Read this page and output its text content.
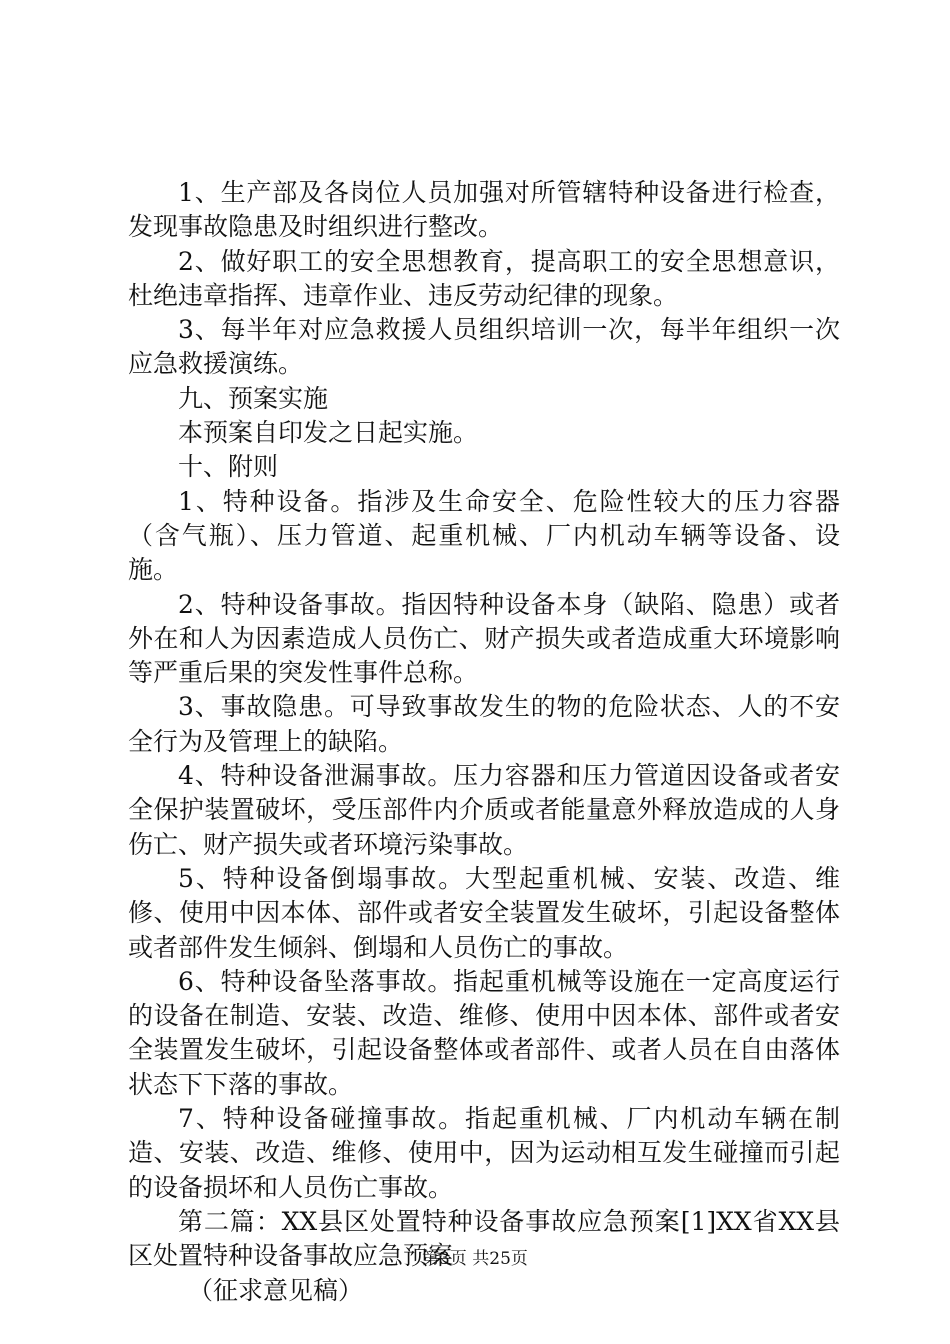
1、生产部及各岗位人员加强对所管辖特种设备进行检查，发现事故隐患及时组织进行整改。

2、做好职工的安全思想教育，提高职工的安全思想意识，杜绝违章指挥、违章作业、违反劳动纪律的现象。

3、每半年对应急救援人员组织培训一次，每半年组织一次应急救援演练。

九、预案实施

本预案自印发之日起实施。

十、附则

1、特种设备。指涉及生命安全、危险性较大的压力容器（含气瓶）、压力管道、起重机械、厂内机动车辆等设备、设施。

2、特种设备事故。指因特种设备本身（缺陷、隐患）或者外在和人为因素造成人员伤亡、财产损失或者造成重大环境影响等严重后果的突发性事件总称。

3、事故隐患。可导致事故发生的物的危险状态、人的不安全行为及管理上的缺陷。

4、特种设备泄漏事故。压力容器和压力管道因设备或者安全保护装置破坏，受压部件内介质或者能量意外释放造成的人身伤亡、财产损失或者环境污染事故。

5、特种设备倒塌事故。大型起重机械、安装、改造、维修、使用中因本体、部件或者安全装置发生破坏，引起设备整体或者部件发生倾斜、倒塌和人员伤亡的事故。

6、特种设备坠落事故。指起重机械等设施在一定高度运行的设备在制造、安装、改造、维修、使用中因本体、部件或者安全装置发生破坏，引起设备整体或者部件、或者人员在自由落体状态下下落的事故。

7、特种设备碰撞事故。指起重机械、厂内机动车辆在制造、安装、改造、维修、使用中，因为运动相互发生碰撞而引起的设备损坏和人员伤亡事故。

第二篇：XX县区处置特种设备事故应急预案[1]XX省XX县区处置特种设备事故应急预案

（征求意见稿）

第3页 共25页
